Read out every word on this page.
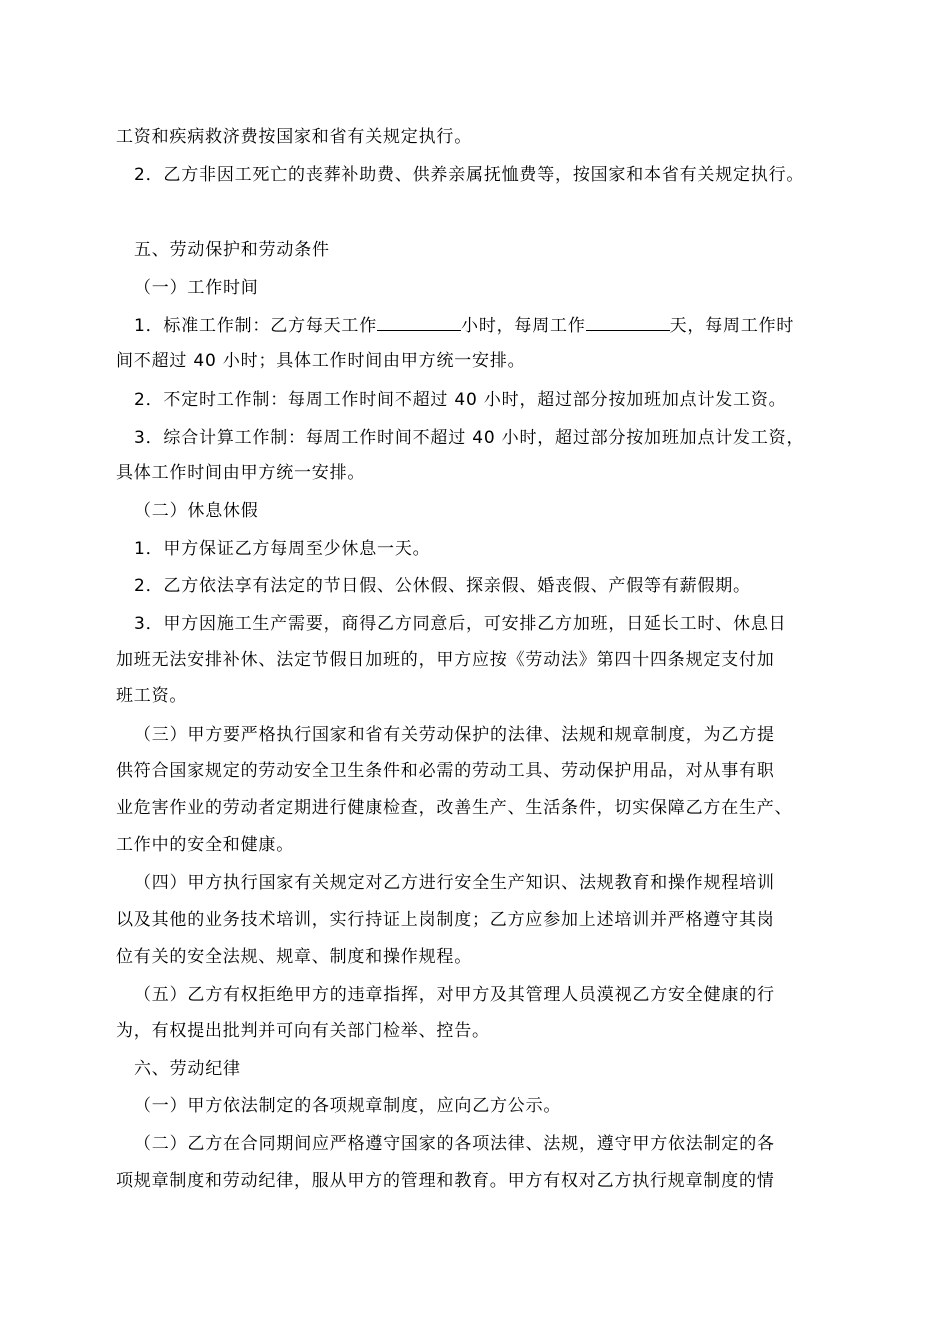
工资和疾病救济费按国家和省有关规定执行。
2．乙方非因工死亡的丧葬补助费、供养亲属抚恤费等，按国家和本省有关规定执行。
五、劳动保护和劳动条件
（一）工作时间
1．标准工作制：乙方每天工作	小时，每周工作	天，每周工作时
间不超过 40 小时；具体工作时间由甲方统一安排。
2．不定时工作制：每周工作时间不超过 40 小时，超过部分按加班加点计发工资。
3．综合计算工作制：每周工作时间不超过 40 小时，超过部分按加班加点计发工资，
具体工作时间由甲方统一安排。
（二）休息休假
1．甲方保证乙方每周至少休息一天。
2．乙方依法享有法定的节日假、公休假、探亲假、婚丧假、产假等有薪假期。
3．甲方因施工生产需要，商得乙方同意后，可安排乙方加班，日延长工时、休息日
加班无法安排补休、法定节假日加班的，甲方应按《劳动法》第四十四条规定支付加
班工资。
（三）甲方要严格执行国家和省有关劳动保护的法律、法规和规章制度，为乙方提
供符合国家规定的劳动安全卫生条件和必需的劳动工具、劳动保护用品，对从事有职
业危害作业的劳动者定期进行健康检查，改善生产、生活条件，切实保障乙方在生产、
工作中的安全和健康。
（四）甲方执行国家有关规定对乙方进行安全生产知识、法规教育和操作规程培训
以及其他的业务技术培训，实行持证上岗制度；乙方应参加上述培训并严格遵守其岗
位有关的安全法规、规章、制度和操作规程。
（五）乙方有权拒绝甲方的违章指挥，对甲方及其管理人员漠视乙方安全健康的行
为，有权提出批判并可向有关部门检举、控告。
六、劳动纪律
（一）甲方依法制定的各项规章制度，应向乙方公示。
（二）乙方在合同期间应严格遵守国家的各项法律、法规，遵守甲方依法制定的各
项规章制度和劳动纪律，服从甲方的管理和教育。甲方有权对乙方执行规章制度的情
